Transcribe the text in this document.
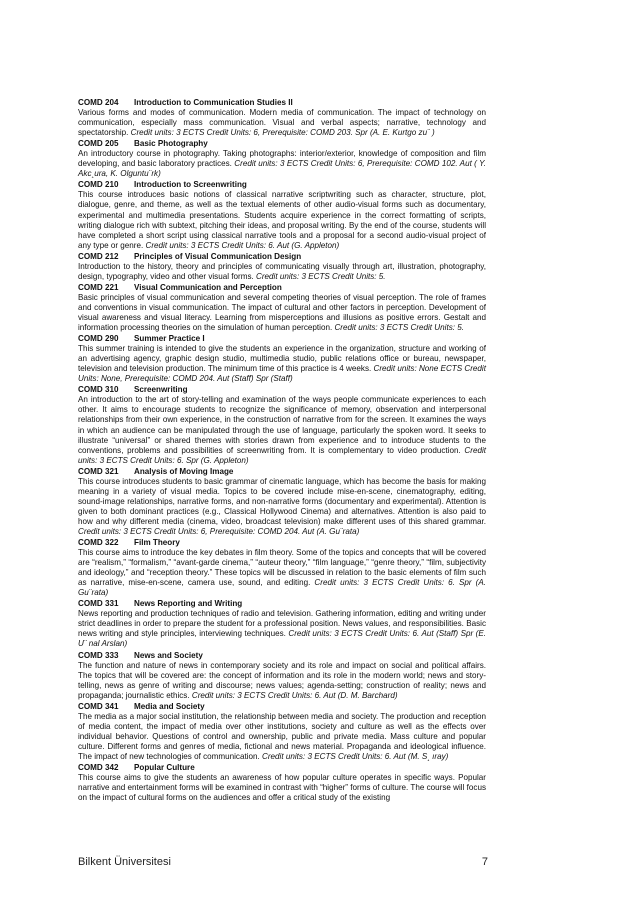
COMD 204 Introduction to Communication Studies II
Various forms and modes of communication. Modern media of communication. The impact of technology on communication, especially mass communication. Visual and verbal aspects; narrative, technology and spectatorship. Credit units: 3 ECTS Credit Units: 6, Prerequisite: COMD 203. Spr (A. E. Kurtgo zu¨ )
COMD 205 Basic Photography
An introductory course in photography. Taking photographs: interior/exterior, knowledge of composition and film developing, and basic laboratory practices. Credit units: 3 ECTS Credit Units: 6, Prerequisite: COMD 102. Aut ( Y. Akc¸ura, K. Olguntu¨rk)
COMD 210 Introduction to Screenwriting
This course introduces basic notions of classical narrative scriptwriting such as character, structure, plot, dialogue, genre, and theme, as well as the textual elements of other audio-visual forms such as documentary, experimental and multimedia presentations. Students acquire experience in the correct formatting of scripts, writing dialogue rich with subtext, pitching their ideas, and proposal writing. By the end of the course, students will have completed a short script using classical narrative tools and a proposal for a second audio-visual project of any type or genre. Credit units: 3 ECTS Credit Units: 6. Aut (G. Appleton)
COMD 212 Principles of Visual Communication Design
Introduction to the history, theory and principles of communicating visually through art, illustration, photography, design, typography, video and other visual forms. Credit units: 3 ECTS Credit Units: 5.
COMD 221 Visual Communication and Perception
Basic principles of visual communication and several competing theories of visual perception. The role of frames and conventions in visual communication. The impact of cultural and other factors in perception. Development of visual awareness and visual literacy. Learning from misperceptions and illusions as positive errors. Gestalt and information processing theories on the simulation of human perception. Credit units: 3 ECTS Credit Units: 5.
COMD 290 Summer Practice I
This summer training is intended to give the students an experience in the organization, structure and working of an advertising agency, graphic design studio, multimedia studio, public relations office or bureau, newspaper, television and television production. The minimum time of this practice is 4 weeks. Credit units: None ECTS Credit Units: None, Prerequisite: COMD 204. Aut (Staff) Spr (Staff)
COMD 310 Screenwriting
An introduction to the art of story-telling and examination of the ways people communicate experiences to each other. It aims to encourage students to recognize the significance of memory, observation and interpersonal relationships from their own experience, in the construction of narrative from for the screen. It examines the ways in which an audience can be manipulated through the use of language, particularly the spoken word. It seeks to illustrate “universal” or shared themes with stories drawn from experience and to introduce students to the conventions, problems and possibilities of screenwriting from. It is complementary to video production. Credit units: 3 ECTS Credit Units: 6. Spr (G. Appleton)
COMD 321 Analysis of Moving Image
This course introduces students to basic grammar of cinematic language, which has become the basis for making meaning in a variety of visual media. Topics to be covered include mise-en-scene, cinematography, editing, sound-image relationships, narrative forms, and non-narrative forms (documentary and experimental). Attention is given to both dominant practices (e.g., Classical Hollywood Cinema) and alternatives. Attention is also paid to how and why different media (cinema, video, broadcast television) make different uses of this shared grammar. Credit units: 3 ECTS Credit Units: 6, Prerequisite: COMD 204. Aut (A. Gu¨rata)
COMD 322 Film Theory
This course aims to introduce the key debates in film theory. Some of the topics and concepts that will be covered are “realism,” “formalism,” “avant-garde cinema,” “auteur theory,” “film language,” “genre theory,” “film, subjectivity and ideology,” and “reception theory.” These topics will be discussed in relation to the basic elements of film such as narrative, mise-en-scene, camera use, sound, and editing. Credit units: 3 ECTS Credit Units: 6. Spr (A. Gu¨rata)
COMD 331 News Reporting and Writing
News reporting and production techniques of radio and television. Gathering information, editing and writing under strict deadlines in order to prepare the student for a professional position. News values, and responsibilities. Basic news writing and style principles, interviewing techniques. Credit units: 3 ECTS Credit Units: 6. Aut (Staff) Spr (E. U¨ nal Arslan)
COMD 333 News and Society
The function and nature of news in contemporary society and its role and impact on social and political affairs. The topics that will be covered are: the concept of information and its role in the modern world; news and story-telling, news as genre of writing and discourse; news values; agenda-setting; construction of reality; news and propaganda; journalistic ethics. Credit units: 3 ECTS Credit Units: 6. Aut (D. M. Barchard)
COMD 341 Media and Society
The media as a major social institution, the relationship between media and society. The production and reception of media content, the impact of media over other institutions, society and culture as well as the effects over individual behavior. Questions of control and ownership, public and private media. Mass culture and popular culture. Different forms and genres of media, fictional and news material. Propaganda and ideological influence. The impact of new technologies of communication. Credit units: 3 ECTS Credit Units: 6. Aut (M. S¸ ıray)
COMD 342 Popular Culture
This course aims to give the students an awareness of how popular culture operates in specific ways. Popular narrative and entertainment forms will be examined in contrast with “higher” forms of culture. The course will focus on the impact of cultural forms on the audiences and offer a critical study of the existing
Bilkent Üniversitesi	7
